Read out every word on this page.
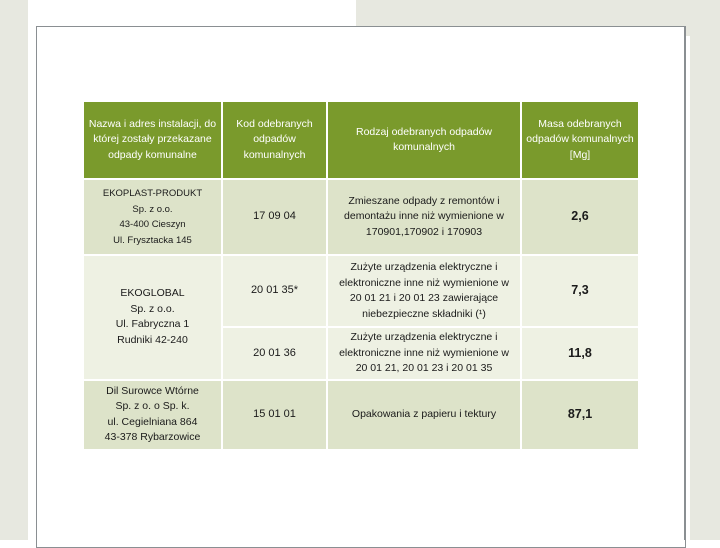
Nazwa i adres instalacji, do której zostały przekazane odpady komunalne	Kod odebranych odpadów komunalnych	Rodzaj odebranych odpadów komunalnych	Masa odebranych odpadów komunalnych [Mg]

EKOPLAST-PRODUKT
Sp. z o.o.
43-400 Cieszyn
Ul. Frysztacka 145	17 09 04	Zmieszane odpady z remontów i demontażu inne niż wymienione w 170901,170902 i 170903	2,6

EKOGLOBAL
Sp. z o.o.
Ul. Fabryczna 1
Rudniki 42-240	20 01 35*	Zużyte urządzenia elektryczne i elektroniczne inne niż wymienione w 20 01 21 i 20 01 23 zawierające niebezpieczne składniki (¹)	7,3
	20 01 36	Zużyte urządzenia elektryczne i elektroniczne inne niż wymienione w 20 01 21, 20 01 23 i 20 01 35	11,8

Dil Surowce Wtórne
Sp. z o. o Sp. k.
ul. Cegielniana 864
43-378 Rybarzowice	15 01 01	Opakowania z papieru i tektury	87,1
